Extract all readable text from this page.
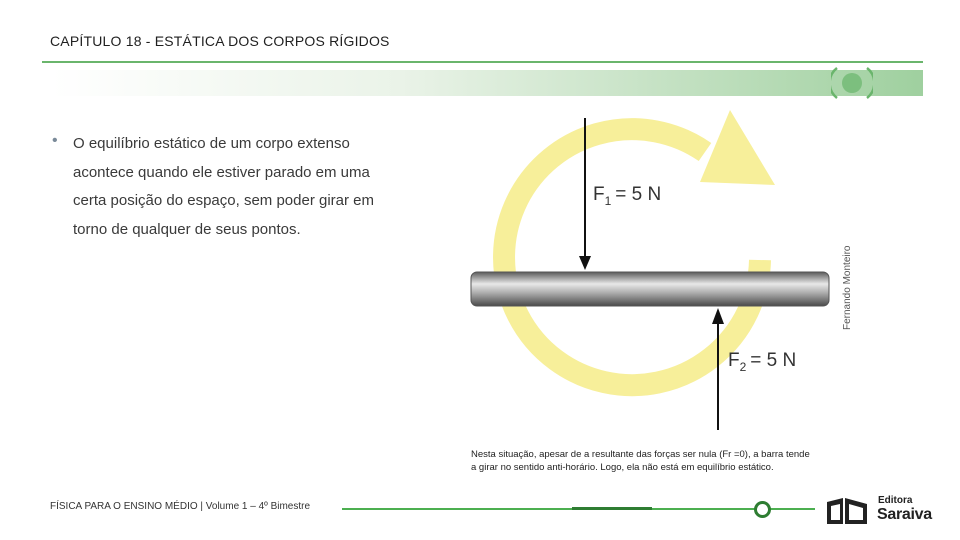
CAPÍTULO 18 - ESTÁTICA DOS CORPOS RÍGIDOS
• O equilíbrio estático de um corpo extenso
acontece quando ele estiver parado em uma
certa posição do espaço, sem poder girar em
torno de qualquer de seus pontos.

$F_1 = 5$ N
$F_2 = 5$ N
Fernando Monteiro
Nesta situação, apesar de a resultante das forças ser nula (Fr =0), a barra tende a girar no sentido anti-horário. Logo, ela não está em equilíbrio estático.
FÍSICA PARA O ENSINO MÉDIO | Volume 1 – 4º Bimestre
Editora
Saraiva
